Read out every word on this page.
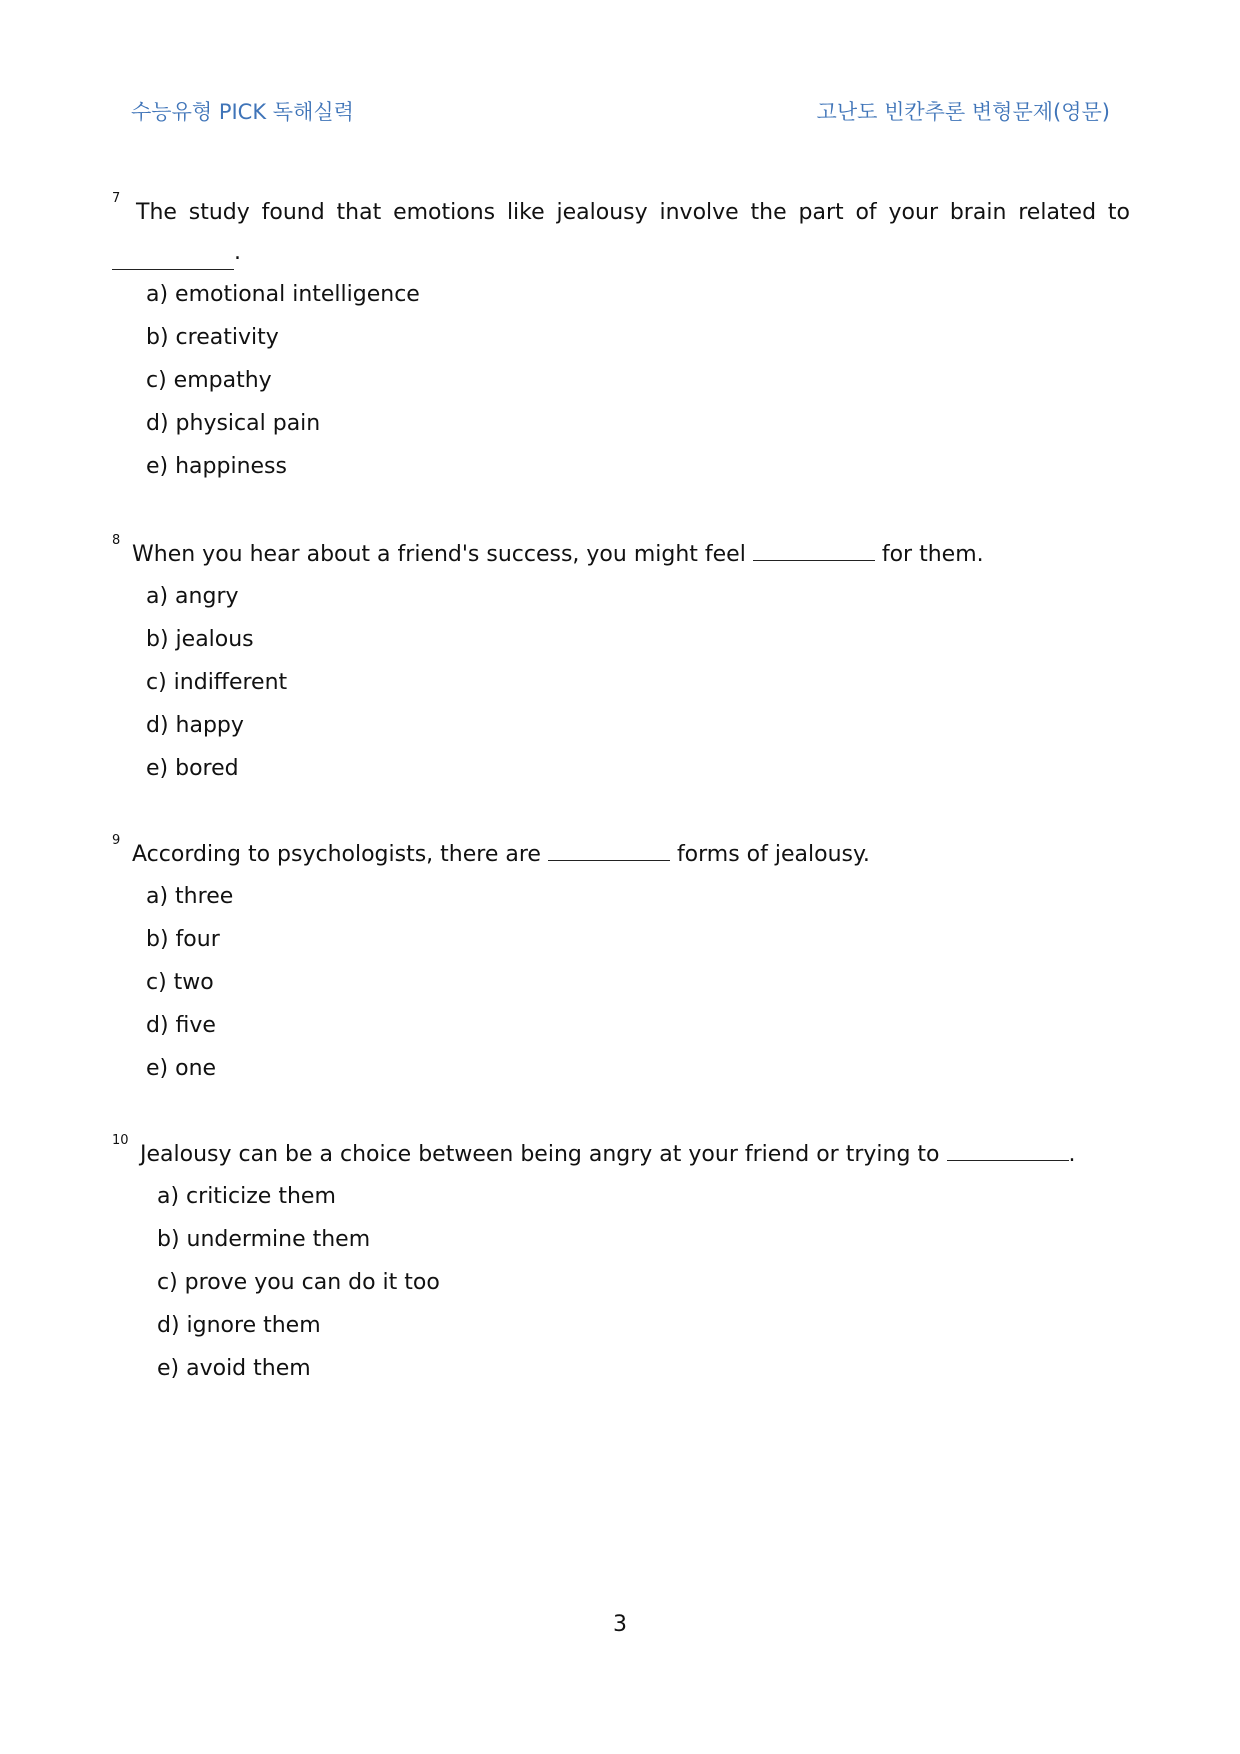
수능유형 PICK 독해실력	고난도 빈칸추론 변형문제(영문)
7
The study found that emotions like jealousy involve the part of your brain related to
.
a) emotional intelligence
b) creativity
c) empathy
d) physical pain
e) happiness
8
When you hear about a friend's success, you might feel	for them.
a) angry
b) jealous
c) indifferent
d) happy
e) bored
9
According to psychologists, there are	forms of jealousy.
a) three
b) four
c) two
d) five
e) one
10
Jealousy can be a choice between being angry at your friend or trying to	.
a) criticize them
b) undermine them
c) prove you can do it too
d) ignore them
e) avoid them
3
